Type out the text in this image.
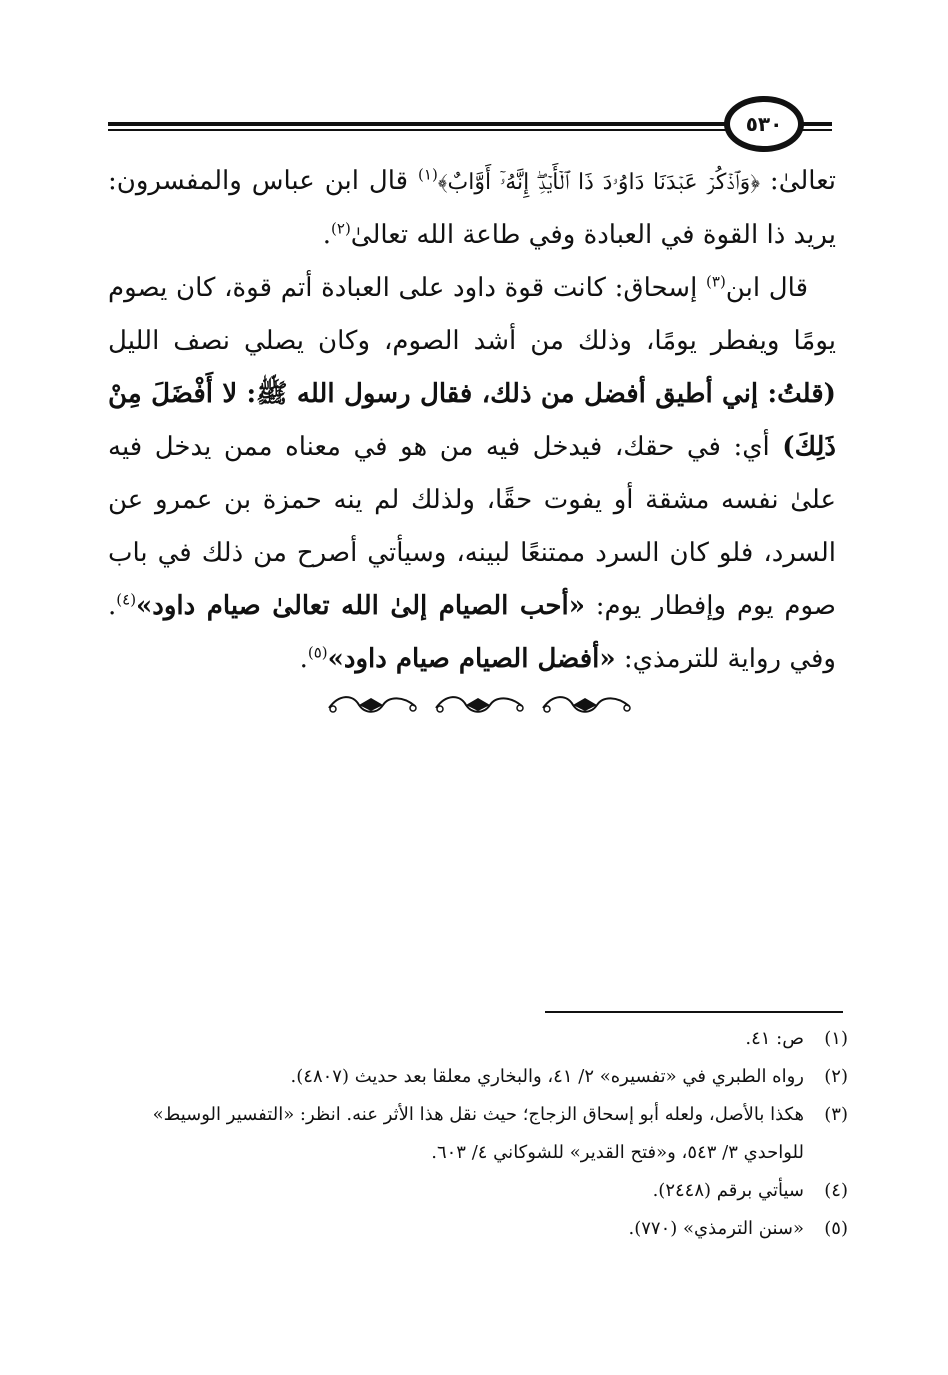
٥٣٠

تعالىٰ: ﴿وَٱذۡكُرۡ عَبۡدَنَا دَاوُۥدَ ذَا ٱلۡأَيۡدِۖ إِنَّهُۥٓ أَوَّابٌ﴾$^{(١)}$ قال ابن عباس والمفسرون: يريد ذا القوة في العبادة وفي طاعة الله تعالىٰ$^{(٢)}$.

قال ابن$^{(٣)}$ إسحاق: كانت قوة داود على العبادة أتم قوة، كان يصوم يومًا ويفطر يومًا، وذلك من أشد الصوم، وكان يصلي نصف الليل (قلتُ: إني أطيق أفضل من ذلك، فقال رسول الله ﷺ: لا أَفْضَلَ مِنْ ذَلِكَ) أي: في حقك، فيدخل فيه من هو في معناه ممن يدخل فيه علىٰ نفسه مشقة أو يفوت حقًا، ولذلك لم ينه حمزة بن عمرو عن السرد، فلو كان السرد ممتنعًا لبينه، وسيأتي أصرح من ذلك في باب صوم يوم وإفطار يوم: «أحب الصيام إلىٰ الله تعالىٰ صيام داود»$^{(٤)}$. وفي رواية للترمذي: «أفضل الصيام صيام داود»$^{(٥)}$.

(١)
ص: ٤١.
(٢)
رواه الطبري في «تفسيره» ٢/ ٤١، والبخاري معلقا بعد حديث (٤٨٠٧).
(٣)
هكذا بالأصل، ولعله أبو إسحاق الزجاج؛ حيث نقل هذا الأثر عنه. انظر: «التفسير الوسيط» للواحدي ٣/ ٥٤٣، و«فتح القدير» للشوكاني ٤/ ٦٠٣.
(٤)
سيأتي برقم (٢٤٤٨).
(٥)
«سنن الترمذي» (٧٧٠).
